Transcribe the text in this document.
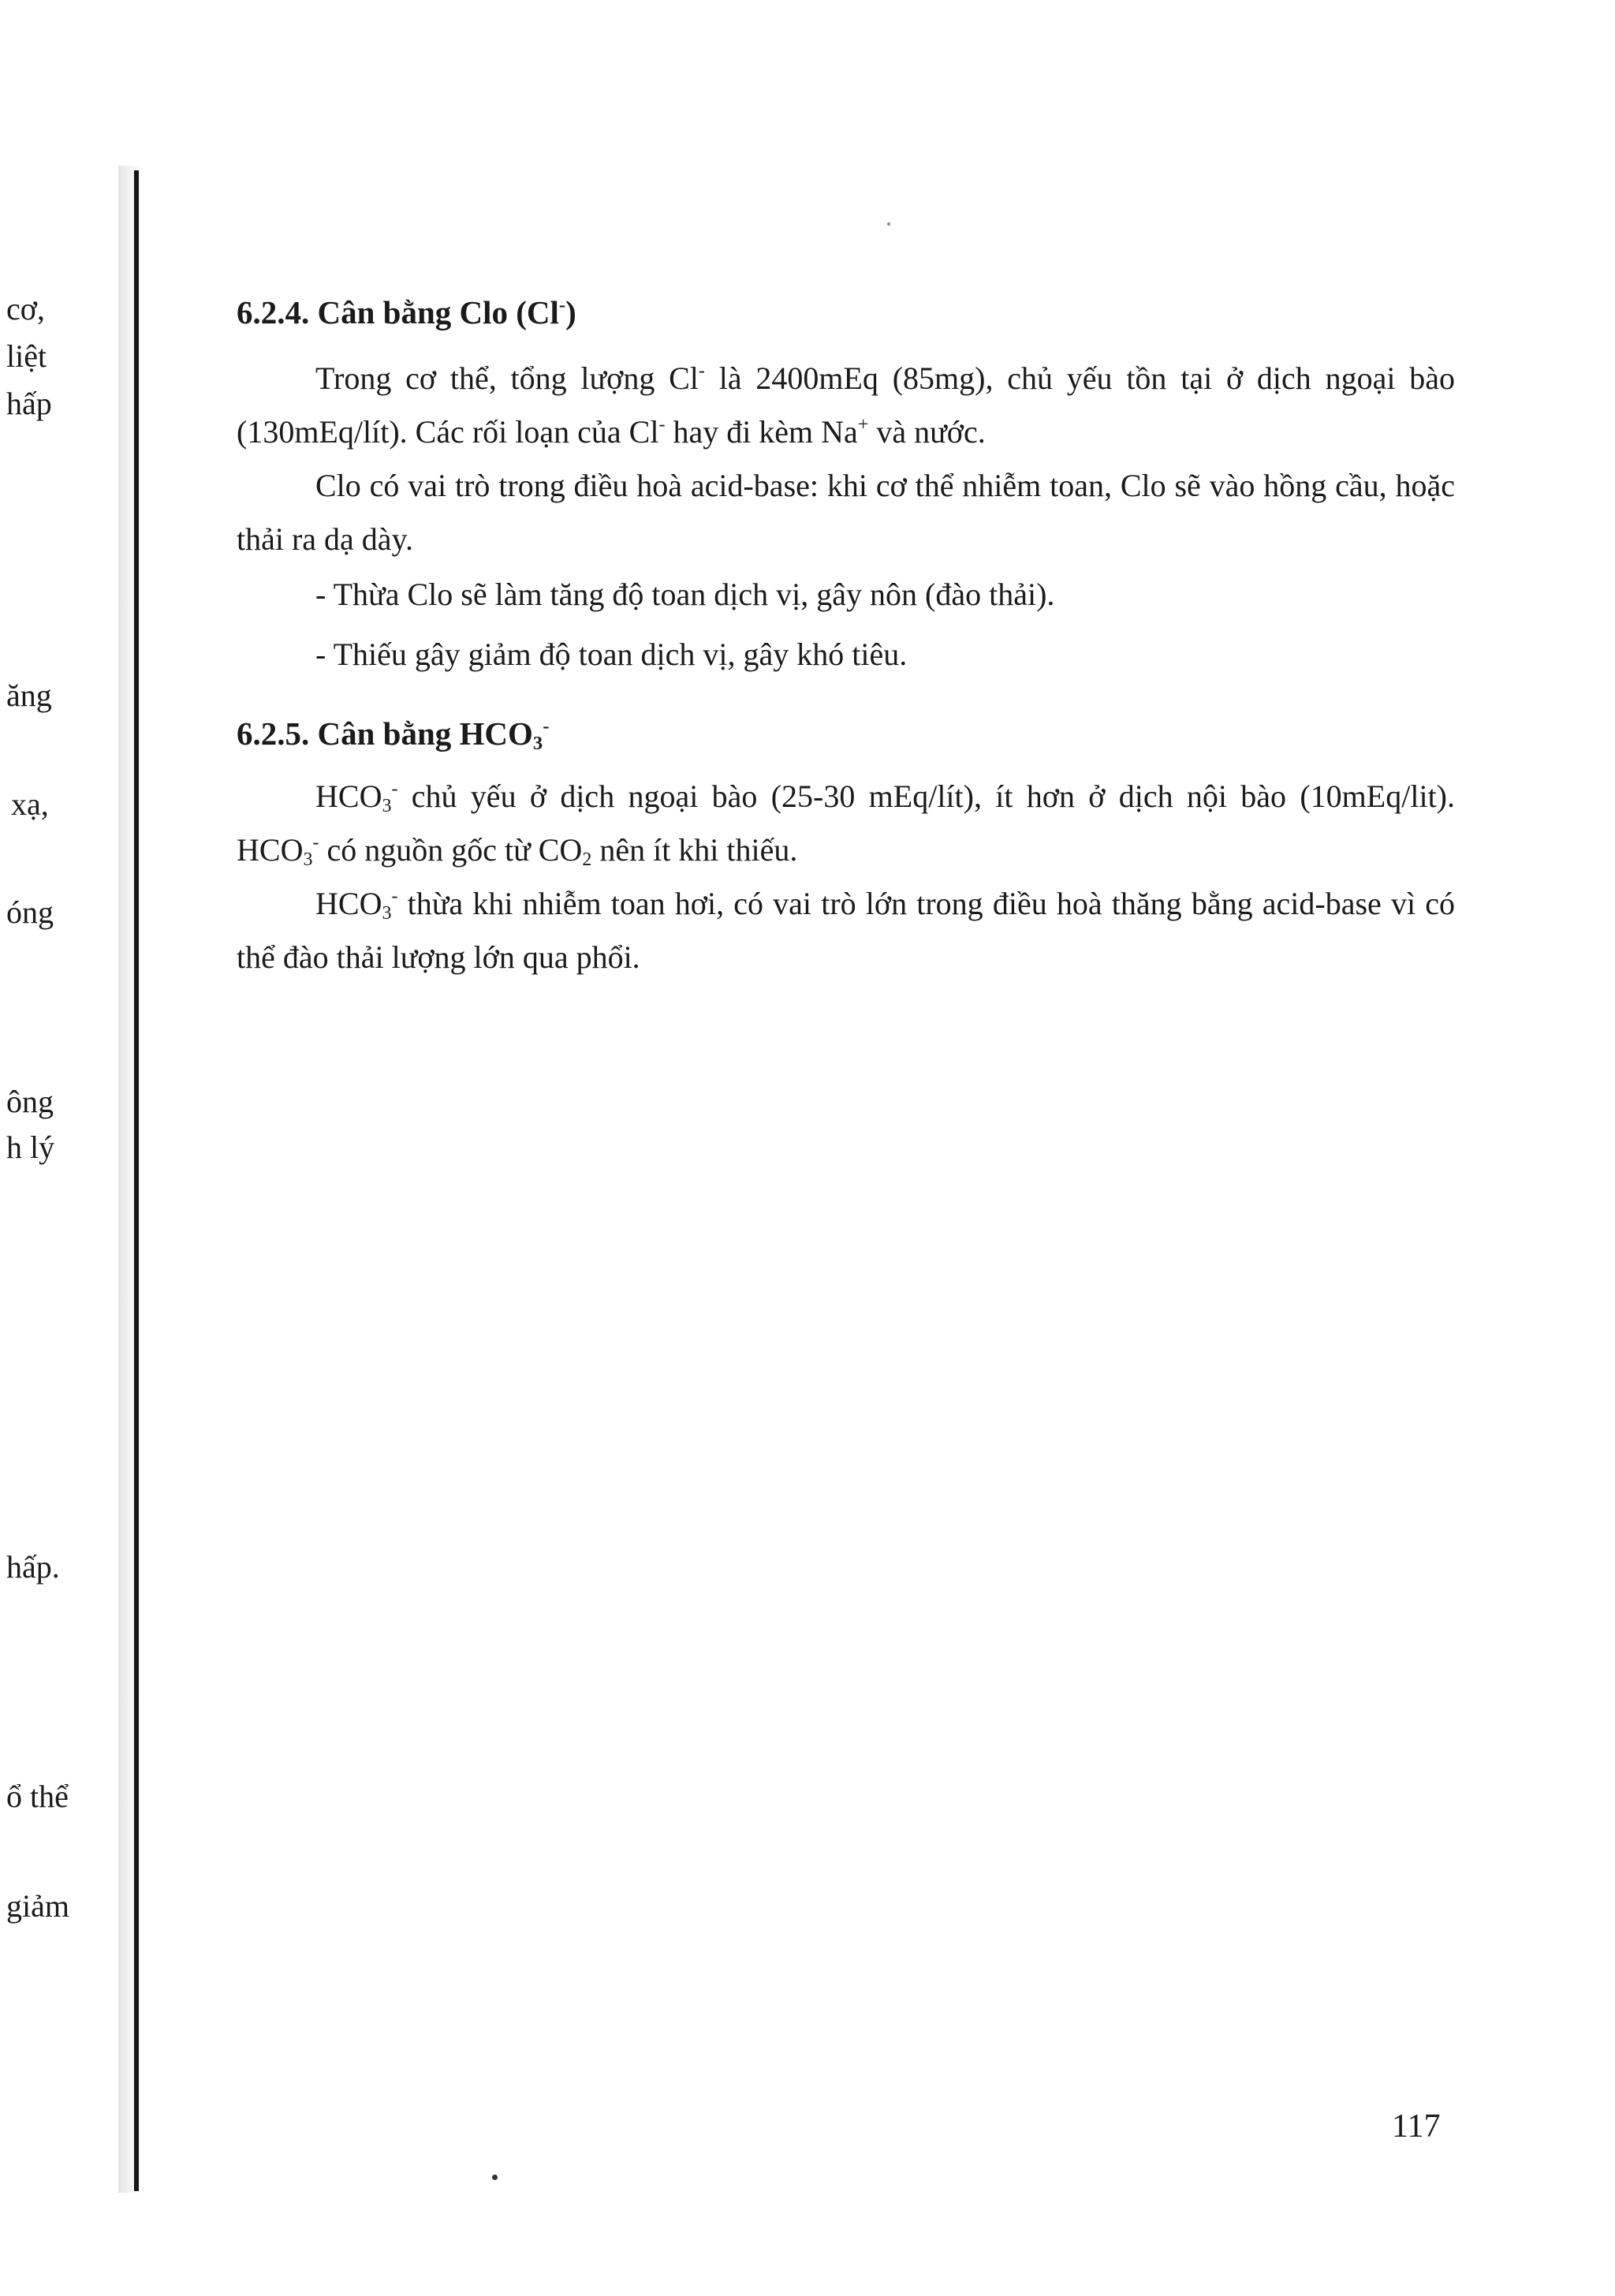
cơ,
liệt
hấp
ăng
xạ,
óng
ông
h lý
hấp.
ổ thể
giảm
6.2.4. Cân bằng Clo (Cl-)

Trong cơ thể, tổng lượng Cl- là 2400mEq (85mg), chủ yếu tồn tại ở dịch ngoại bào (130mEq/lít). Các rối loạn của Cl- hay đi kèm Na+ và nước.

Clo có vai trò trong điều hoà acid-base: khi cơ thể nhiễm toan, Clo sẽ vào hồng cầu, hoặc thải ra dạ dày.

- Thừa Clo sẽ làm tăng độ toan dịch vị, gây nôn (đào thải).
- Thiếu gây giảm độ toan dịch vị, gây khó tiêu.
6.2.5. Cân bằng $HCO_3^-$

$HCO_3^-$ chủ yếu ở dịch ngoại bào (25-30 mEq/lít), ít hơn ở dịch nội bào (10mEq/lit). $HCO_3^-$ có nguồn gốc từ $CO_2$ nên ít khi thiếu.

$HCO_3^-$ thừa khi nhiễm toan hơi, có vai trò lớn trong điều hoà thăng bằng acid-base vì có thể đào thải lượng lớn qua phổi.

117
